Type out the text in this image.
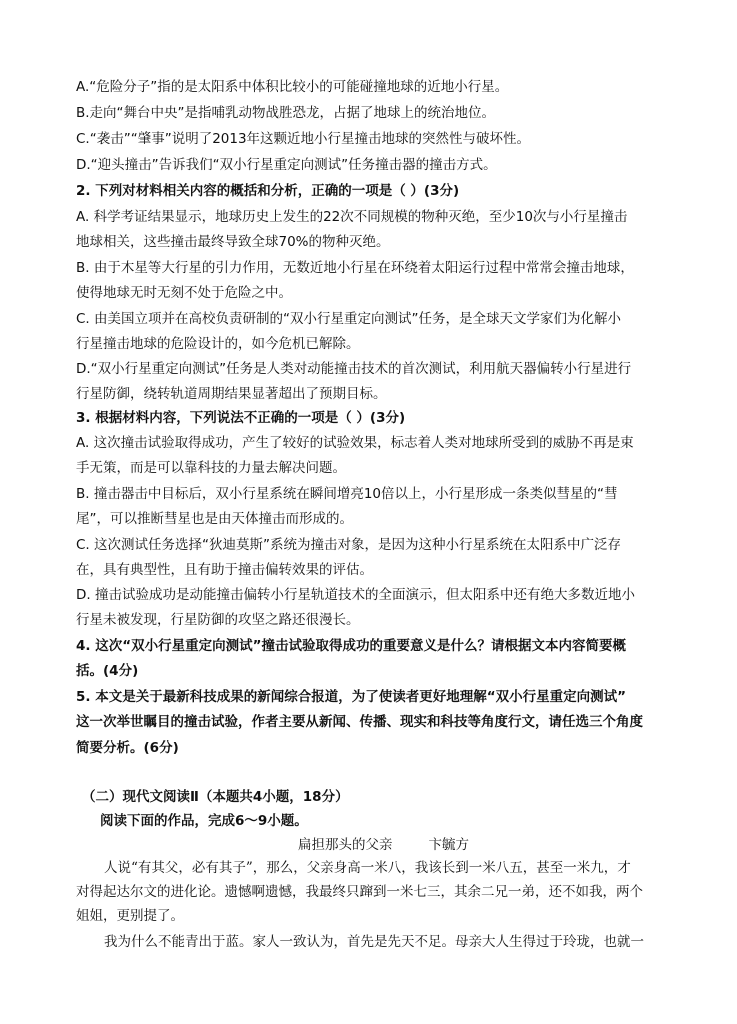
A.“危险分子”指的是太阳系中体积比较小的可能碰撞地球的近地小行星。
B.走向“舞台中央”是指哺乳动物战胜恐龙，占据了地球上的统治地位。
C.“袭击”“肇事”说明了2013年这颗近地小行星撞击地球的突然性与破坏性。
D.“迎头撞击”告诉我们“双小行星重定向测试”任务撞击器的撞击方式。
2. 下列对材料相关内容的概括和分析，正确的一项是（ ）(3分)
A. 科学考证结果显示，地球历史上发生的22次不同规模的物种灭绝，至少10次与小行星撞击
地球相关，这些撞击最终导致全球70%的物种灭绝。
B. 由于木星等大行星的引力作用，无数近地小行星在环绕着太阳运行过程中常常会撞击地球，
使得地球无时无刻不处于危险之中。
C. 由美国立项并在高校负责研制的“双小行星重定向测试”任务，是全球天文学家们为化解小
行星撞击地球的危险设计的，如今危机已解除。
D.“双小行星重定向测试”任务是人类对动能撞击技术的首次测试，利用航天器偏转小行星进行
行星防御，绕转轨道周期结果显著超出了预期目标。
3. 根据材料内容，下列说法不正确的一项是（ ）(3分)
A. 这次撞击试验取得成功，产生了较好的试验效果，标志着人类对地球所受到的威胁不再是束
手无策，而是可以靠科技的力量去解决问题。
B. 撞击器击中目标后，双小行星系统在瞬间增亮10倍以上，小行星形成一条类似彗星的“彗
尾”，可以推断彗星也是由天体撞击而形成的。
C. 这次测试任务选择“狄迪莫斯”系统为撞击对象，是因为这种小行星系统在太阳系中广泛存
在，具有典型性，且有助于撞击偏转效果的评估。
D. 撞击试验成功是动能撞击偏转小行星轨道技术的全面演示，但太阳系中还有绝大多数近地小
行星未被发现，行星防御的攻坚之路还很漫长。
4. 这次“双小行星重定向测试”撞击试验取得成功的重要意义是什么？请根据文本内容简要概
括。(4分)
5. 本文是关于最新科技成果的新闻综合报道，为了使读者更好地理解“双小行星重定向测试”
这一次举世瞩目的撞击试验，作者主要从新闻、传播、现实和科技等角度行文，请任选三个角度
简要分析。(6分)
（二）现代文阅读Ⅱ（本题共4小题，18分）
阅读下面的作品，完成6～9小题。
扁担那头的父亲	卞毓方
人说“有其父，必有其子”，那么，父亲身高一米八，我该长到一米八五，甚至一米九，才
对得起达尔文的进化论。遗憾啊遗憾，我最终只蹿到一米七三，其余二兄一弟，还不如我，两个
姐姐，更别提了。
我为什么不能青出于蓝。家人一致认为，首先是先天不足。母亲大人生得过于玲珑，也就一
